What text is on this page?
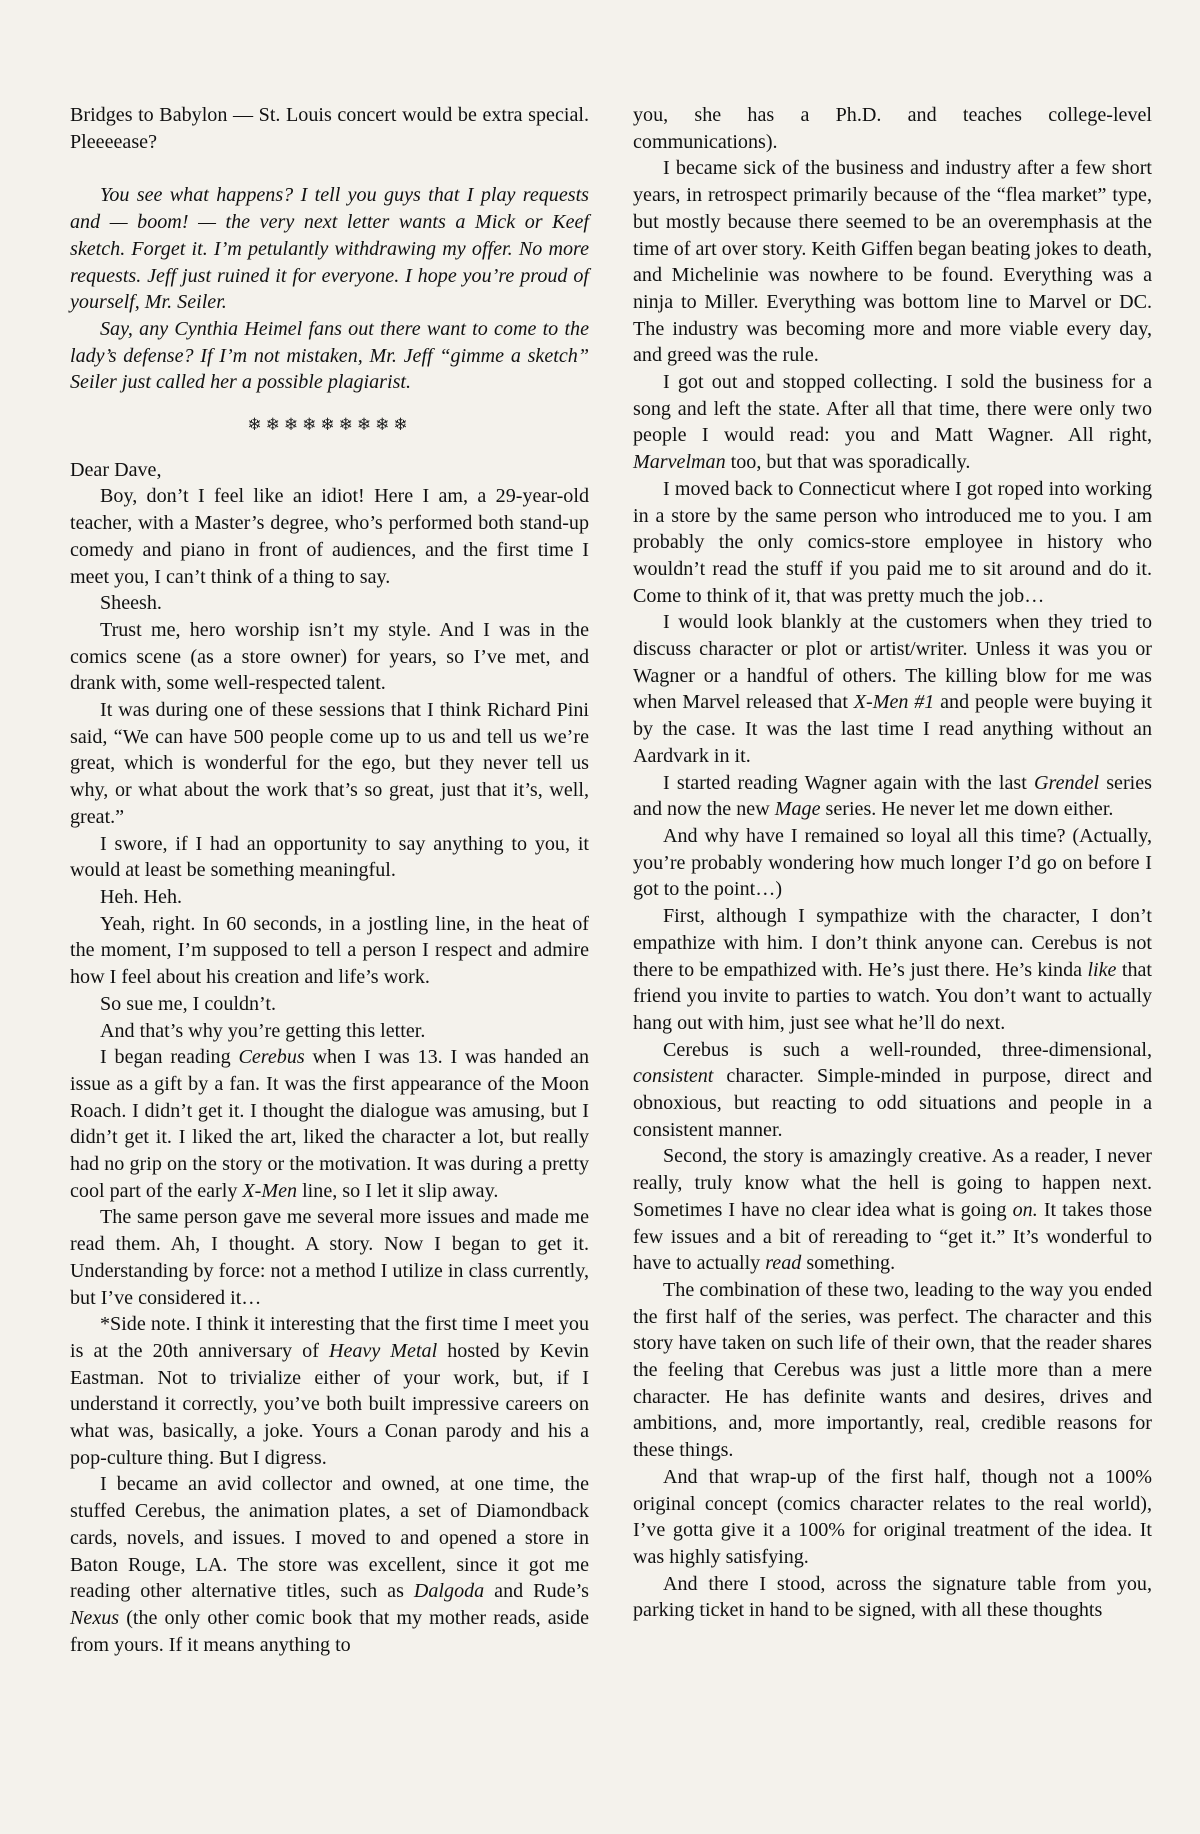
Bridges to Babylon — St. Louis concert would be extra special. Pleeeease?

You see what happens? I tell you guys that I play requests and — boom! — the very next letter wants a Mick or Keef sketch. Forget it. I’m petulantly withdrawing my offer. No more requests. Jeff just ruined it for everyone. I hope you’re proud of yourself, Mr. Seiler.

Say, any Cynthia Heimel fans out there want to come to the lady’s defense? If I’m not mistaken, Mr. Jeff “gimme a sketch” Seiler just called her a possible plagiarist.

❄❄❄❄❄❄❄❄❄

Dear Dave,

Boy, don’t I feel like an idiot! Here I am, a 29-year-old teacher, with a Master’s degree, who’s performed both stand-up comedy and piano in front of audiences, and the first time I meet you, I can’t think of a thing to say.

Sheesh.

Trust me, hero worship isn’t my style. And I was in the comics scene (as a store owner) for years, so I’ve met, and drank with, some well-respected talent.

It was during one of these sessions that I think Richard Pini said, “We can have 500 people come up to us and tell us we’re great, which is wonderful for the ego, but they never tell us why, or what about the work that’s so great, just that it’s, well, great.”

I swore, if I had an opportunity to say anything to you, it would at least be something meaningful.

Heh. Heh.

Yeah, right. In 60 seconds, in a jostling line, in the heat of the moment, I’m supposed to tell a person I respect and admire how I feel about his creation and life’s work.

So sue me, I couldn’t.

And that’s why you’re getting this letter.

I began reading Cerebus when I was 13. I was handed an issue as a gift by a fan. It was the first appearance of the Moon Roach. I didn’t get it. I thought the dialogue was amusing, but I didn’t get it. I liked the art, liked the character a lot, but really had no grip on the story or the motivation. It was during a pretty cool part of the early X-Men line, so I let it slip away.

The same person gave me several more issues and made me read them. Ah, I thought. A story. Now I began to get it. Understanding by force: not a method I utilize in class currently, but I’ve considered it…

*Side note. I think it interesting that the first time I meet you is at the 20th anniversary of Heavy Metal hosted by Kevin Eastman. Not to trivialize either of your work, but, if I understand it correctly, you’ve both built impressive careers on what was, basically, a joke. Yours a Conan parody and his a pop-culture thing. But I digress.

I became an avid collector and owned, at one time, the stuffed Cerebus, the animation plates, a set of Diamondback cards, novels, and issues. I moved to and opened a store in Baton Rouge, LA. The store was excellent, since it got me reading other alternative titles, such as Dalgoda and Rude’s Nexus (the only other comic book that my mother reads, aside from yours. If it means anything to

you, she has a Ph.D. and teaches college-level communications).

I became sick of the business and industry after a few short years, in retrospect primarily because of the “flea market” type, but mostly because there seemed to be an overemphasis at the time of art over story. Keith Giffen began beating jokes to death, and Michelinie was nowhere to be found. Everything was a ninja to Miller. Everything was bottom line to Marvel or DC. The industry was becoming more and more viable every day, and greed was the rule.

I got out and stopped collecting. I sold the business for a song and left the state. After all that time, there were only two people I would read: you and Matt Wagner. All right, Marvelman too, but that was sporadically.

I moved back to Connecticut where I got roped into working in a store by the same person who introduced me to you. I am probably the only comics-store employee in history who wouldn’t read the stuff if you paid me to sit around and do it. Come to think of it, that was pretty much the job…

I would look blankly at the customers when they tried to discuss character or plot or artist/writer. Unless it was you or Wagner or a handful of others. The killing blow for me was when Marvel released that X-Men #1 and people were buying it by the case. It was the last time I read anything without an Aardvark in it.

I started reading Wagner again with the last Grendel series and now the new Mage series. He never let me down either.

And why have I remained so loyal all this time? (Actually, you’re probably wondering how much longer I’d go on before I got to the point…)

First, although I sympathize with the character, I don’t empathize with him. I don’t think anyone can. Cerebus is not there to be empathized with. He’s just there. He’s kinda like that friend you invite to parties to watch. You don’t want to actually hang out with him, just see what he’ll do next.

Cerebus is such a well-rounded, three-dimensional, consistent character. Simple-minded in purpose, direct and obnoxious, but reacting to odd situations and people in a consistent manner.

Second, the story is amazingly creative. As a reader, I never really, truly know what the hell is going to happen next. Sometimes I have no clear idea what is going on. It takes those few issues and a bit of rereading to “get it.” It’s wonderful to have to actually read something.

The combination of these two, leading to the way you ended the first half of the series, was perfect. The character and this story have taken on such life of their own, that the reader shares the feeling that Cerebus was just a little more than a mere character. He has definite wants and desires, drives and ambitions, and, more importantly, real, credible reasons for these things.

And that wrap-up of the first half, though not a 100% original concept (comics character relates to the real world), I’ve gotta give it a 100% for original treatment of the idea. It was highly satisfying.

And there I stood, across the signature table from you, parking ticket in hand to be signed, with all these thoughts
